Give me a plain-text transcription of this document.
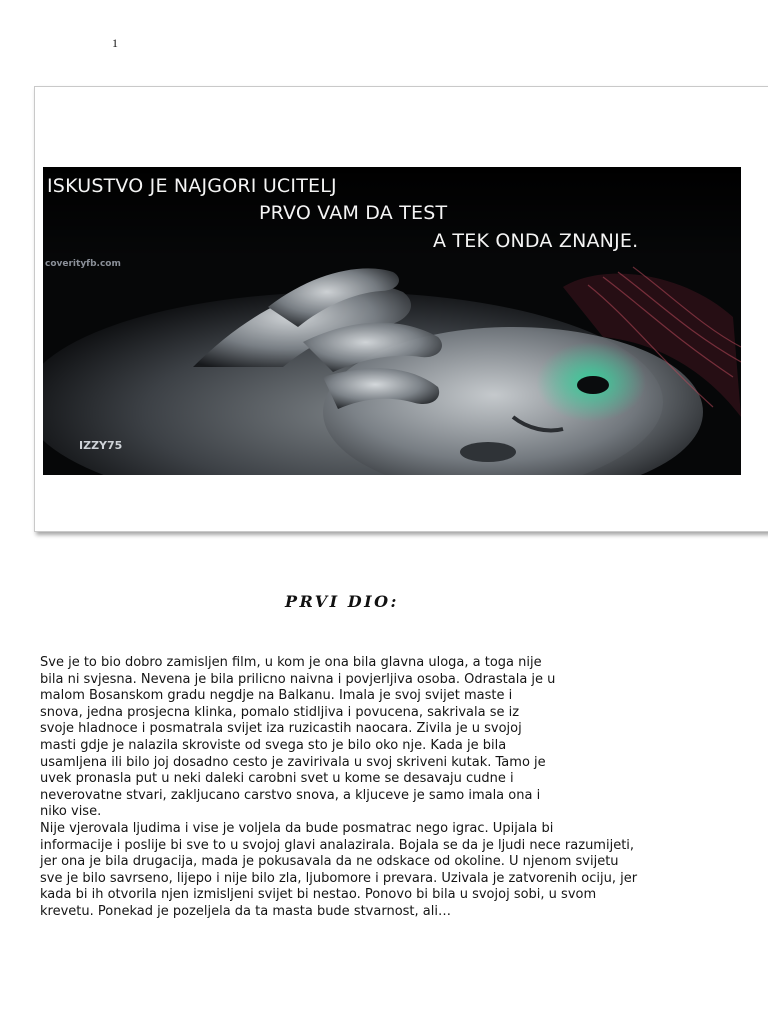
1
ISKUSTVO JE NAJGORI UCITELJ
PRVO VAM DA TEST
A TEK ONDA ZNANJE.
coverityfb.com
IZZY75
PRVI DIO:

Sve je to bio dobro zamisljen film, u kom je ona bila glavna uloga, a toga nije
bila ni svjesna. Nevena je bila prilicno naivna i povjerljiva osoba. Odrastala je u
malom Bosanskom gradu negdje na Balkanu. Imala je svoj svijet maste i
snova, jedna prosjecna klinka, pomalo stidljiva i povucena, sakrivala se iz
svoje hladnoce i posmatrala svijet iza ruzicastih naocara. Zivila je u svojoj
masti gdje je nalazila skroviste od svega sto je bilo oko nje. Kada je bila
usamljena ili bilo joj dosadno cesto je zavirivala u svoj skriveni kutak. Tamo je
uvek pronasla put u neki daleki carobni svet u kome se desavaju cudne i
neverovatne stvari, zakljucano carstvo snova, a kljuceve je samo imala ona i
niko vise.

Nije vjerovala ljudima i vise je voljela da bude posmatrac nego igrac. Upijala bi
informacije i poslije bi sve to u svojoj glavi analazirala. Bojala se da je ljudi nece razumijeti,
jer ona je bila drugacija, mada je pokusavala da ne odskace od okoline. U njenom svijetu
sve je bilo savrseno, lijepo i nije bilo zla, ljubomore i prevara. Uzivala je zatvorenih ociju, jer
kada bi ih otvorila njen izmisljeni svijet bi nestao. Ponovo bi bila u svojoj sobi, u svom
krevetu. Ponekad je pozeljela da ta masta bude stvarnost, ali…
